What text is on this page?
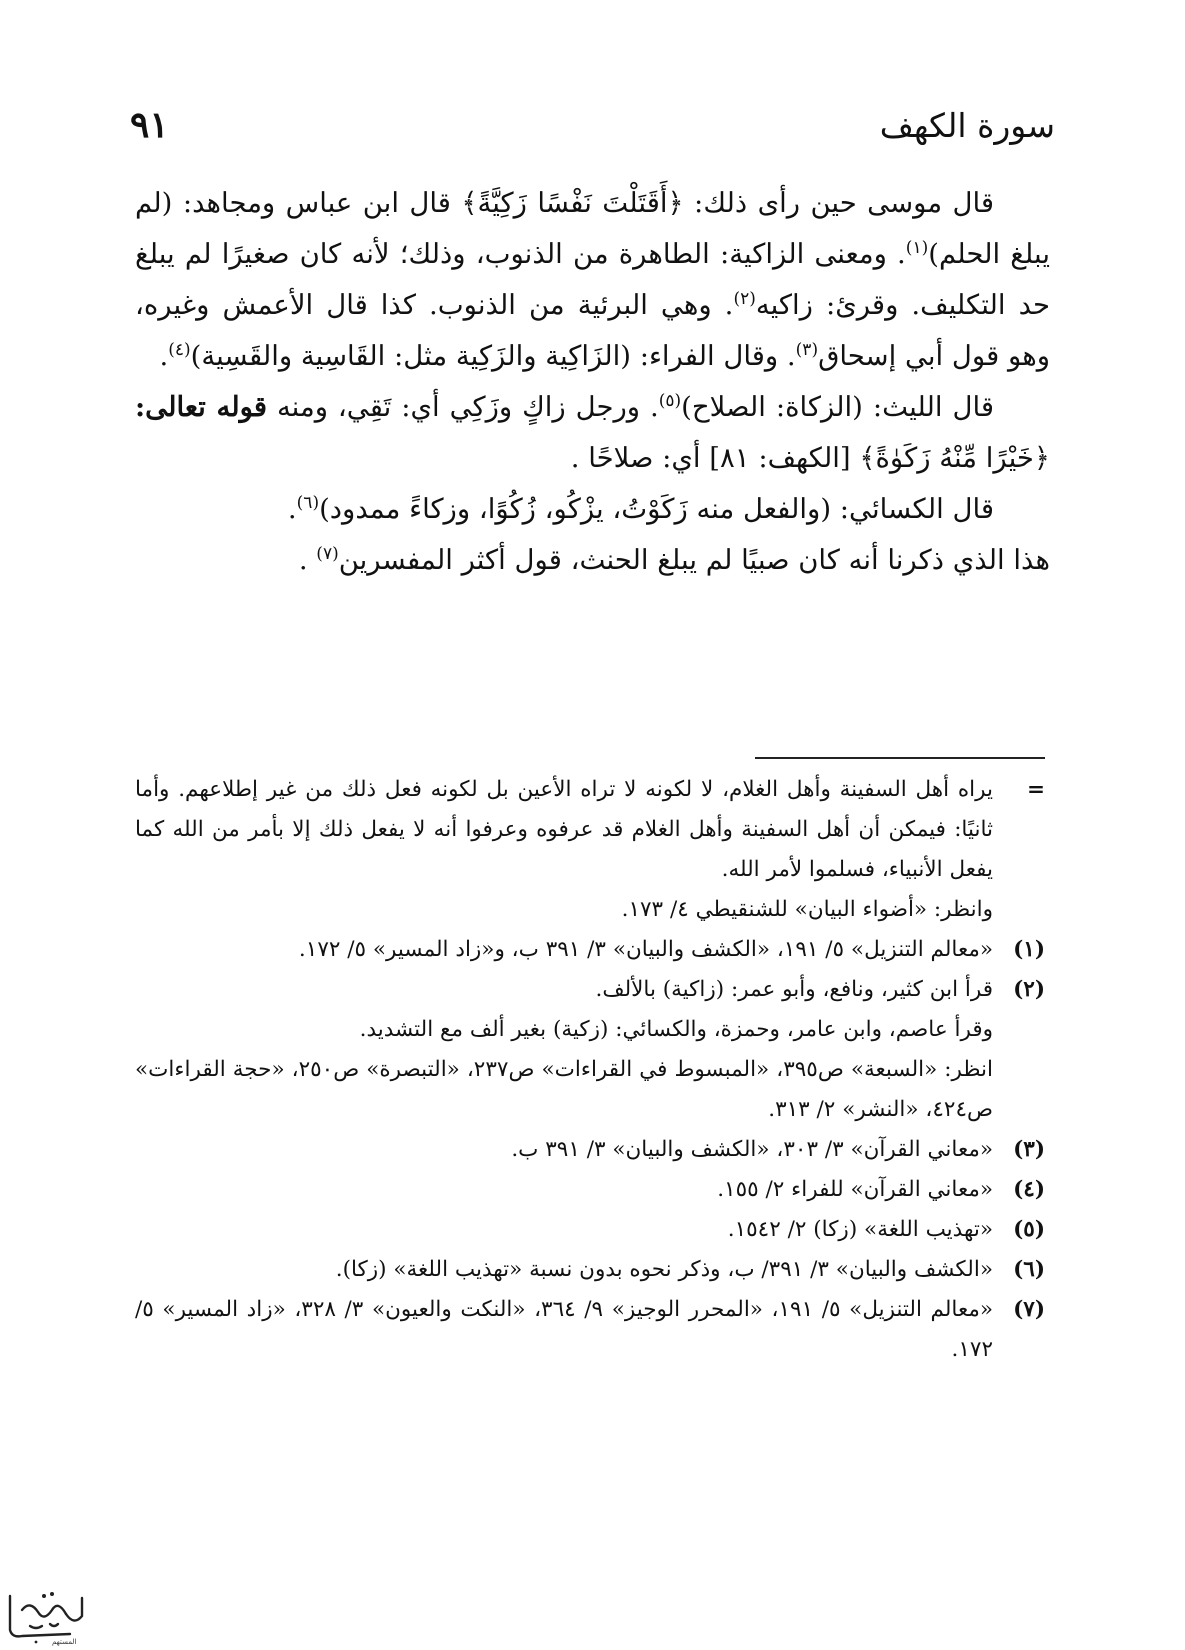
سورة الكهف
٩١

قال موسى حين رأى ذلك: ﴿أَقَتَلْتَ نَفْسًا زَكِيَّةً﴾ قال ابن عباس ومجاهد: (لم يبلغ الحلم)$^{(١)}$. ومعنى الزاكية: الطاهرة من الذنوب، وذلك؛ لأنه كان صغيرًا لم يبلغ حد التكليف. وقرئ: زاكيه$^{(٢)}$. وهي البرئية من الذنوب. كذا قال الأعمش وغيره، وهو قول أبي إسحاق$^{(٣)}$. وقال الفراء: (الزَاكِية والزَكِية مثل: القَاسِية والقَسِية)$^{(٤)}$.

قال الليث: (الزكاة: الصلاح)$^{(٥)}$. ورجل زاكٍ وزَكِي أي: تَقِي، ومنه قوله تعالى: ﴿خَيْرًا مِّنْهُ زَكَوٰةً﴾ [الكهف: ٨١] أي: صلاحًا .

قال الكسائي: (والفعل منه زَكَوْتُ، يزْكُو، زُكُوًا، وزكاءً ممدود)$^{(٦)}$.

هذا الذي ذكرنا أنه كان صبيًا لم يبلغ الحنث، قول أكثر المفسرين$^{(٧)}$ .

=
يراه أهل السفينة وأهل الغلام، لا لكونه لا تراه الأعين بل لكونه فعل ذلك من غير إطلاعهم. وأما ثانيًا: فيمكن أن أهل السفينة وأهل الغلام قد عرفوه وعرفوا أنه لا يفعل ذلك إلا بأمر من الله كما يفعل الأنبياء، فسلموا لأمر الله.
وانظر: «أضواء البيان» للشنقيطي ٤/ ١٧٣.
(١)
«معالم التنزيل» ٥/ ١٩١، «الكشف والبيان» ٣/ ٣٩١ ب، و«زاد المسير» ٥/ ١٧٢.
(٢)
قرأ ابن كثير، ونافع، وأبو عمر: (زاكية) بالألف.
وقرأ عاصم، وابن عامر، وحمزة، والكسائي: (زكية) بغير ألف مع التشديد.
انظر: «السبعة» ص٣٩٥، «المبسوط في القراءات» ص٢٣٧، «التبصرة» ص٢٥٠، «حجة القراءات» ص٤٢٤، «النشر» ٢/ ٣١٣.
(٣)
«معاني القرآن» ٣/ ٣٠٣، «الكشف والبيان» ٣/ ٣٩١ ب.
(٤)
«معاني القرآن» للفراء ٢/ ١٥٥.
(٥)
«تهذيب اللغة» (زكا) ٢/ ١٥٤٢.
(٦)
«الكشف والبيان» ٣/ ٣٩١/ ب، وذكر نحوه بدون نسبة «تهذيب اللغة» (زكا).
(٧)
«معالم التنزيل» ٥/ ١٩١، «المحرر الوجيز» ٩/ ٣٦٤، «النكت والعيون» ٣/ ٣٢٨، «زاد المسير» ٥/ ١٧٢.
المستهم
